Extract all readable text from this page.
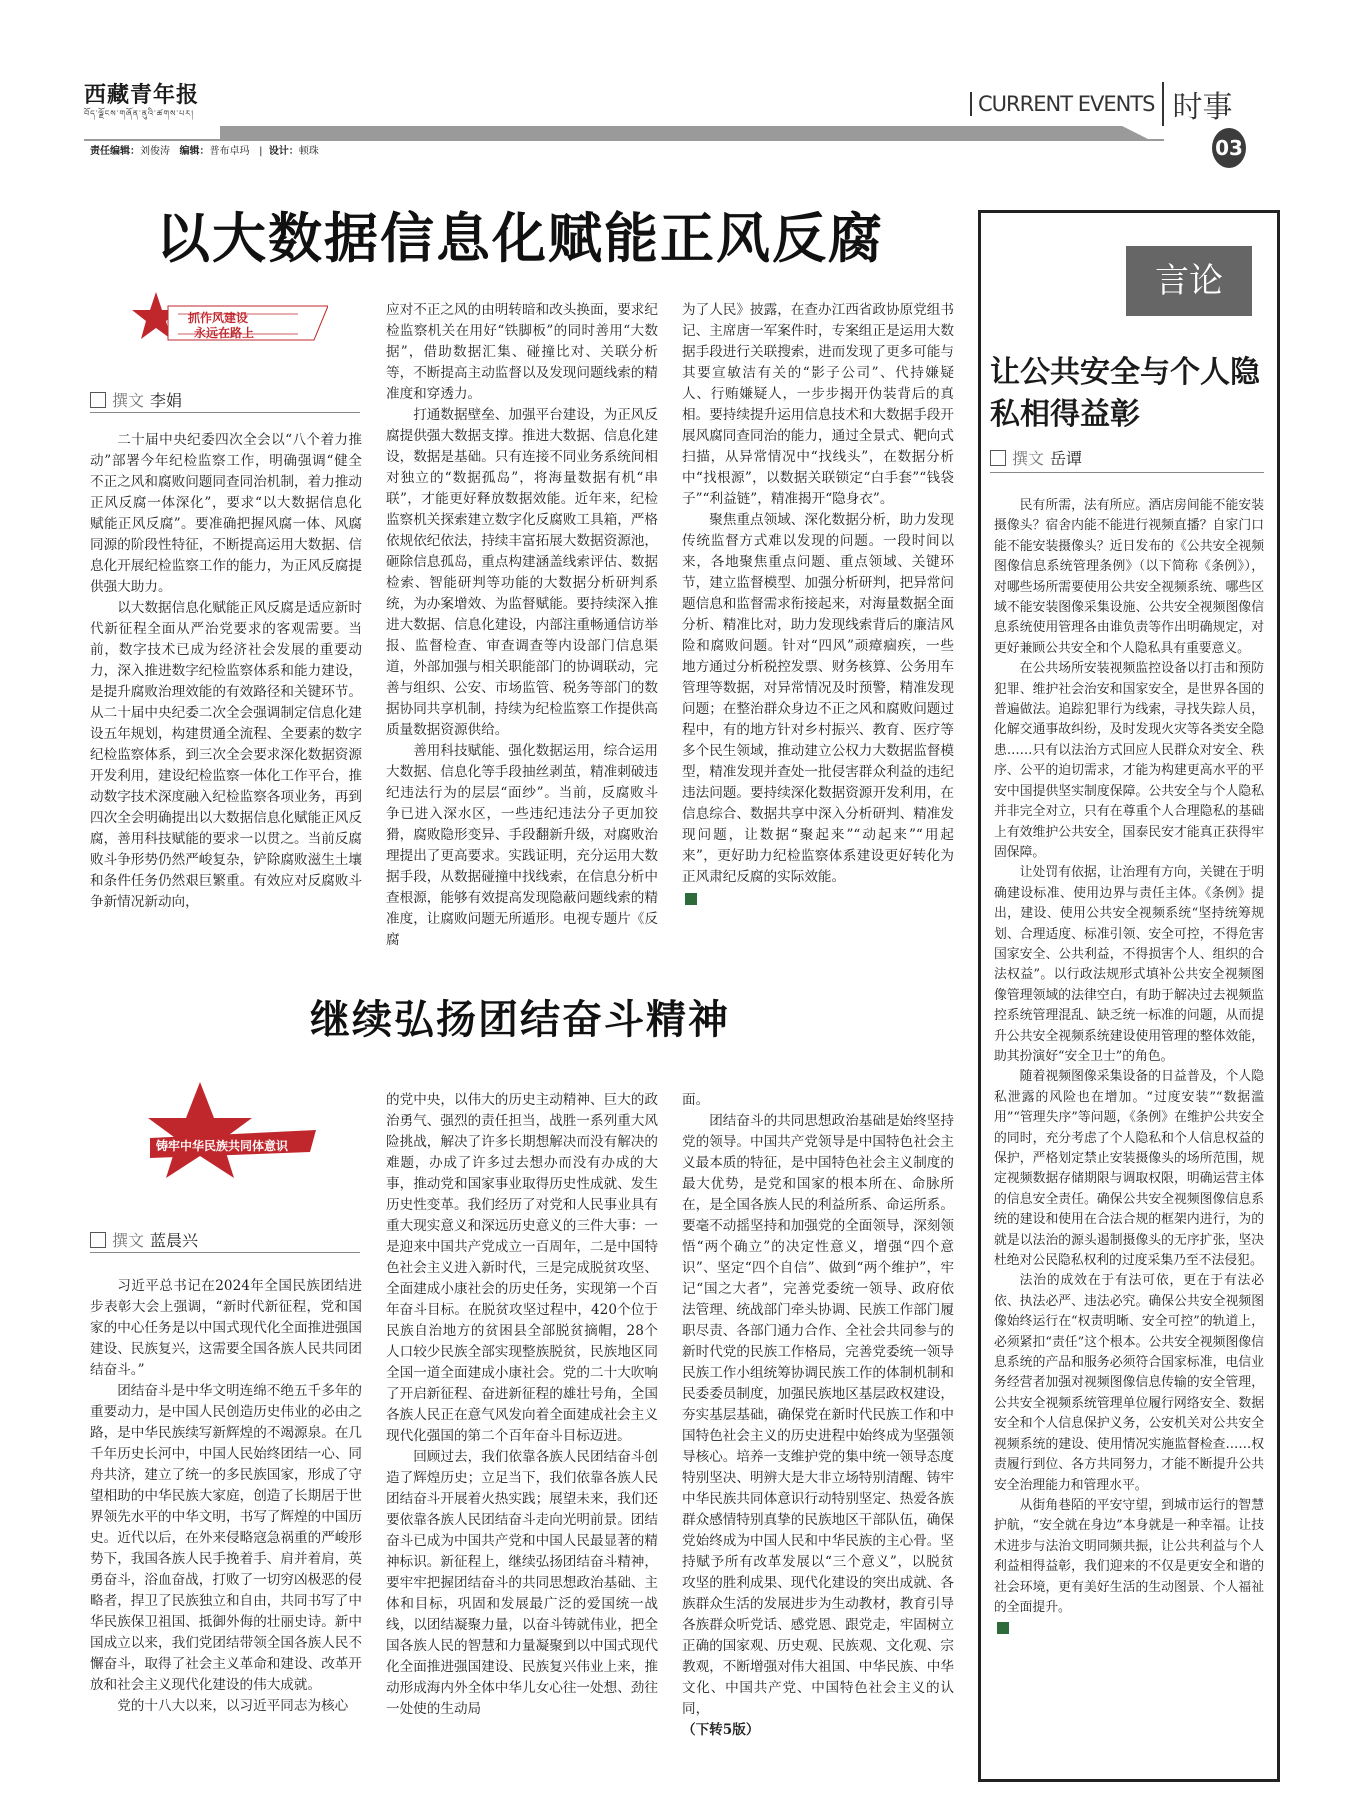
西藏青年报
བོད་ལྗོངས་གཞོན་ནུའི་ཚགས་པར།
责任编辑：刘俊涛 编辑：普布卓玛   |  设计：顿珠
CURRENT EVENTS 时事
03
以大数据信息化赋能正风反腐
抓作风建设
永远在路上
撰文 李娟

二十届中央纪委四次全会以“八个着力推动”部署今年纪检监察工作，明确强调“健全不正之风和腐败问题同查同治机制，着力推动正风反腐一体深化”，要求“以大数据信息化赋能正风反腐”。要准确把握风腐一体、风腐同源的阶段性特征，不断提高运用大数据、信息化开展纪检监察工作的能力，为正风反腐提供强大助力。

以大数据信息化赋能正风反腐是适应新时代新征程全面从严治党要求的客观需要。当前，数字技术已成为经济社会发展的重要动力，深入推进数字纪检监察体系和能力建设，是提升腐败治理效能的有效路径和关键环节。从二十届中央纪委二次全会强调制定信息化建设五年规划，构建贯通全流程、全要素的数字纪检监察体系，到三次全会要求深化数据资源开发利用，建设纪检监察一体化工作平台，推动数字技术深度融入纪检监察各项业务，再到四次全会明确提出以大数据信息化赋能正风反腐，善用科技赋能的要求一以贯之。当前反腐败斗争形势仍然严峻复杂，铲除腐败滋生土壤和条件任务仍然艰巨繁重。有效应对反腐败斗争新情况新动向，

应对不正之风的由明转暗和改头换面，要求纪检监察机关在用好“铁脚板”的同时善用“大数据”，借助数据汇集、碰撞比对、关联分析等，不断提高主动监督以及发现问题线索的精准度和穿透力。

打通数据壁垒、加强平台建设，为正风反腐提供强大数据支撑。推进大数据、信息化建设，数据是基础。只有连接不同业务系统间相对独立的“数据孤岛”，将海量数据有机“串联”，才能更好释放数据效能。近年来，纪检监察机关探索建立数字化反腐败工具箱，严格依规依纪依法，持续丰富拓展大数据资源池，砸除信息孤岛，重点构建涵盖线索评估、数据检索、智能研判等功能的大数据分析研判系统，为办案增效、为监督赋能。要持续深入推进大数据、信息化建设，内部注重畅通信访举报、监督检查、审查调查等内设部门信息渠道，外部加强与相关职能部门的协调联动，完善与组织、公安、市场监管、税务等部门的数据协同共享机制，持续为纪检监察工作提供高质量数据资源供给。

善用科技赋能、强化数据运用，综合运用大数据、信息化等手段抽丝剥茧，精准刺破违纪违法行为的层层“面纱”。当前，反腐败斗争已进入深水区，一些违纪违法分子更加狡猾，腐败隐形变异、手段翻新升级，对腐败治理提出了更高要求。实践证明，充分运用大数据手段，从数据碰撞中找线索，在信息分析中查根源，能够有效提高发现隐蔽问题线索的精准度，让腐败问题无所遁形。电视专题片《反腐

为了人民》披露，在查办江西省政协原党组书记、主席唐一军案件时，专案组正是运用大数据手段进行关联搜索，进而发现了更多可能与其要宣敏洁有关的“影子公司”、代持嫌疑人、行贿嫌疑人，一步步揭开伪装背后的真相。要持续提升运用信息技术和大数据手段开展风腐同查同治的能力，通过全景式、靶向式扫描，从异常情况中“找线头”，在数据分析中“找根源”，以数据关联锁定“白手套”“钱袋子”“利益链”，精准揭开“隐身衣”。

聚焦重点领域、深化数据分析，助力发现传统监督方式难以发现的问题。一段时间以来，各地聚焦重点问题、重点领域、关键环节，建立监督模型、加强分析研判，把异常问题信息和监督需求衔接起来，对海量数据全面分析、精准比对，助力发现线索背后的廉洁风险和腐败问题。针对“四风”顽瘴痼疾，一些地方通过分析税控发票、财务核算、公务用车管理等数据，对异常情况及时预警，精准发现问题；在整治群众身边不正之风和腐败问题过程中，有的地方针对乡村振兴、教育、医疗等多个民生领域，推动建立公权力大数据监督模型，精准发现并查处一批侵害群众利益的违纪违法问题。要持续深化数据资源开发利用，在信息综合、数据共享中深入分析研判、精准发现问题，让数据“聚起来”“动起来”“用起来”，更好助力纪检监察体系建设更好转化为正风肃纪反腐的实际效能。

继续弘扬团结奋斗精神
铸牢中华民族共同体意识
撰文 蓝晨兴

习近平总书记在2024年全国民族团结进步表彰大会上强调，“新时代新征程，党和国家的中心任务是以中国式现代化全面推进强国建设、民族复兴，这需要全国各族人民共同团结奋斗。”

团结奋斗是中华文明连绵不绝五千多年的重要动力，是中国人民创造历史伟业的必由之路，是中华民族续写新辉煌的不竭源泉。在几千年历史长河中，中国人民始终团结一心、同舟共济，建立了统一的多民族国家，形成了守望相助的中华民族大家庭，创造了长期居于世界领先水平的中华文明，书写了辉煌的中国历史。近代以后，在外来侵略寇急祸重的严峻形势下，我国各族人民手挽着手、肩并着肩，英勇奋斗，浴血奋战，打败了一切穷凶极恶的侵略者，捍卫了民族独立和自由，共同书写了中华民族保卫祖国、抵御外侮的壮丽史诗。新中国成立以来，我们党团结带领全国各族人民不懈奋斗，取得了社会主义革命和建设、改革开放和社会主义现代化建设的伟大成就。

党的十八大以来，以习近平同志为核心

的党中央，以伟大的历史主动精神、巨大的政治勇气、强烈的责任担当，战胜一系列重大风险挑战，解决了许多长期想解决而没有解决的难题，办成了许多过去想办而没有办成的大事，推动党和国家事业取得历史性成就、发生历史性变革。我们经历了对党和人民事业具有重大现实意义和深远历史意义的三件大事：一是迎来中国共产党成立一百周年，二是中国特色社会主义进入新时代，三是完成脱贫攻坚、全面建成小康社会的历史任务，实现第一个百年奋斗目标。在脱贫攻坚过程中，420个位于民族自治地方的贫困县全部脱贫摘帽，28个人口较少民族全部实现整族脱贫，民族地区同全国一道全面建成小康社会。党的二十大吹响了开启新征程、奋进新征程的雄壮号角，全国各族人民正在意气风发向着全面建成社会主义现代化强国的第二个百年奋斗目标迈进。

回顾过去，我们依靠各族人民团结奋斗创造了辉煌历史；立足当下，我们依靠各族人民团结奋斗开展着火热实践；展望未来，我们还要依靠各族人民团结奋斗走向光明前景。团结奋斗已成为中国共产党和中国人民最显著的精神标识。新征程上，继续弘扬团结奋斗精神，要牢牢把握团结奋斗的共同思想政治基础、主体和目标，巩固和发展最广泛的爱国统一战线，以团结凝聚力量，以奋斗铸就伟业，把全国各族人民的智慧和力量凝聚到以中国式现代化全面推进强国建设、民族复兴伟业上来，推动形成海内外全体中华儿女心往一处想、劲往一处使的生动局

面。

团结奋斗的共同思想政治基础是始终坚持党的领导。中国共产党领导是中国特色社会主义最本质的特征，是中国特色社会主义制度的最大优势，是党和国家的根本所在、命脉所在，是全国各族人民的利益所系、命运所系。要毫不动摇坚持和加强党的全面领导，深刻领悟“两个确立”的决定性意义，增强“四个意识”、坚定“四个自信”、做到“两个维护”，牢记“国之大者”，完善党委统一领导、政府依法管理、统战部门牵头协调、民族工作部门履职尽责、各部门通力合作、全社会共同参与的新时代党的民族工作格局，完善党委统一领导民族工作小组统筹协调民族工作的体制机制和民委委员制度，加强民族地区基层政权建设，夯实基层基础，确保党在新时代民族工作和中国特色社会主义的历史进程中始终成为坚强领导核心。培养一支维护党的集中统一领导态度特别坚决、明辨大是大非立场特别清醒、铸牢中华民族共同体意识行动特别坚定、热爱各族群众感情特别真挚的民族地区干部队伍，确保党始终成为中国人民和中华民族的主心骨。坚持赋予所有改革发展以“三个意义”，以脱贫攻坚的胜利成果、现代化建设的突出成就、各族群众生活的发展进步为生动教材，教育引导各族群众听党话、感党恩、跟党走，牢固树立正确的国家观、历史观、民族观、文化观、宗教观，不断增强对伟大祖国、中华民族、中华文化、中国共产党、中国特色社会主义的认同，

（下转5版）
言论
让公共安全与个人隐私相得益彰
撰文 岳谭

民有所需，法有所应。酒店房间能不能安装摄像头？宿舍内能不能进行视频直播？自家门口能不能安装摄像头？近日发布的《公共安全视频图像信息系统管理条例》（以下简称《条例》），对哪些场所需要使用公共安全视频系统、哪些区域不能安装图像采集设施、公共安全视频图像信息系统使用管理各由谁负责等作出明确规定，对更好兼顾公共安全和个人隐私具有重要意义。

在公共场所安装视频监控设备以打击和预防犯罪、维护社会治安和国家安全，是世界各国的普遍做法。追踪犯罪行为线索，寻找失踪人员，化解交通事故纠纷，及时发现火灾等各类安全隐患……只有以法治方式回应人民群众对安全、秩序、公平的迫切需求，才能为构建更高水平的平安中国提供坚实制度保障。公共安全与个人隐私并非完全对立，只有在尊重个人合理隐私的基础上有效维护公共安全，国泰民安才能真正获得牢固保障。

让处罚有依据，让治理有方向，关键在于明确建设标准、使用边界与责任主体。《条例》提出，建设、使用公共安全视频系统“坚持统筹规划、合理适度、标准引领、安全可控，不得危害国家安全、公共利益，不得损害个人、组织的合法权益”。以行政法规形式填补公共安全视频图像管理领域的法律空白，有助于解决过去视频监控系统管理混乱、缺乏统一标准的问题，从而提升公共安全视频系统建设使用管理的整体效能，助其扮演好“安全卫士”的角色。

随着视频图像采集设备的日益普及，个人隐私泄露的风险也在增加。“过度安装”“数据滥用”“管理失序”等问题，《条例》在维护公共安全的同时，充分考虑了个人隐私和个人信息权益的保护，严格划定禁止安装摄像头的场所范围，规定视频数据存储期限与调取权限，明确运营主体的信息安全责任。确保公共安全视频图像信息系统的建设和使用在合法合规的框架内进行，为的就是以法治的源头遏制摄像头的无序扩张，坚决杜绝对公民隐私权利的过度采集乃至不法侵犯。

法治的成效在于有法可依，更在于有法必依、执法必严、违法必究。确保公共安全视频图像始终运行在“权责明晰、安全可控”的轨道上，必须紧扣“责任”这个根本。公共安全视频图像信息系统的产品和服务必须符合国家标准，电信业务经营者加强对视频图像信息传输的安全管理，公共安全视频系统管理单位履行网络安全、数据安全和个人信息保护义务，公安机关对公共安全视频系统的建设、使用情况实施监督检查……权责履行到位、各方共同努力，才能不断提升公共安全治理能力和管理水平。

从街角巷陌的平安守望，到城市运行的智慧护航，“安全就在身边”本身就是一种幸福。让技术进步与法治文明同频共振，让公共利益与个人利益相得益彰，我们迎来的不仅是更安全和谐的社会环境，更有美好生活的生动图景、个人福祉的全面提升。
